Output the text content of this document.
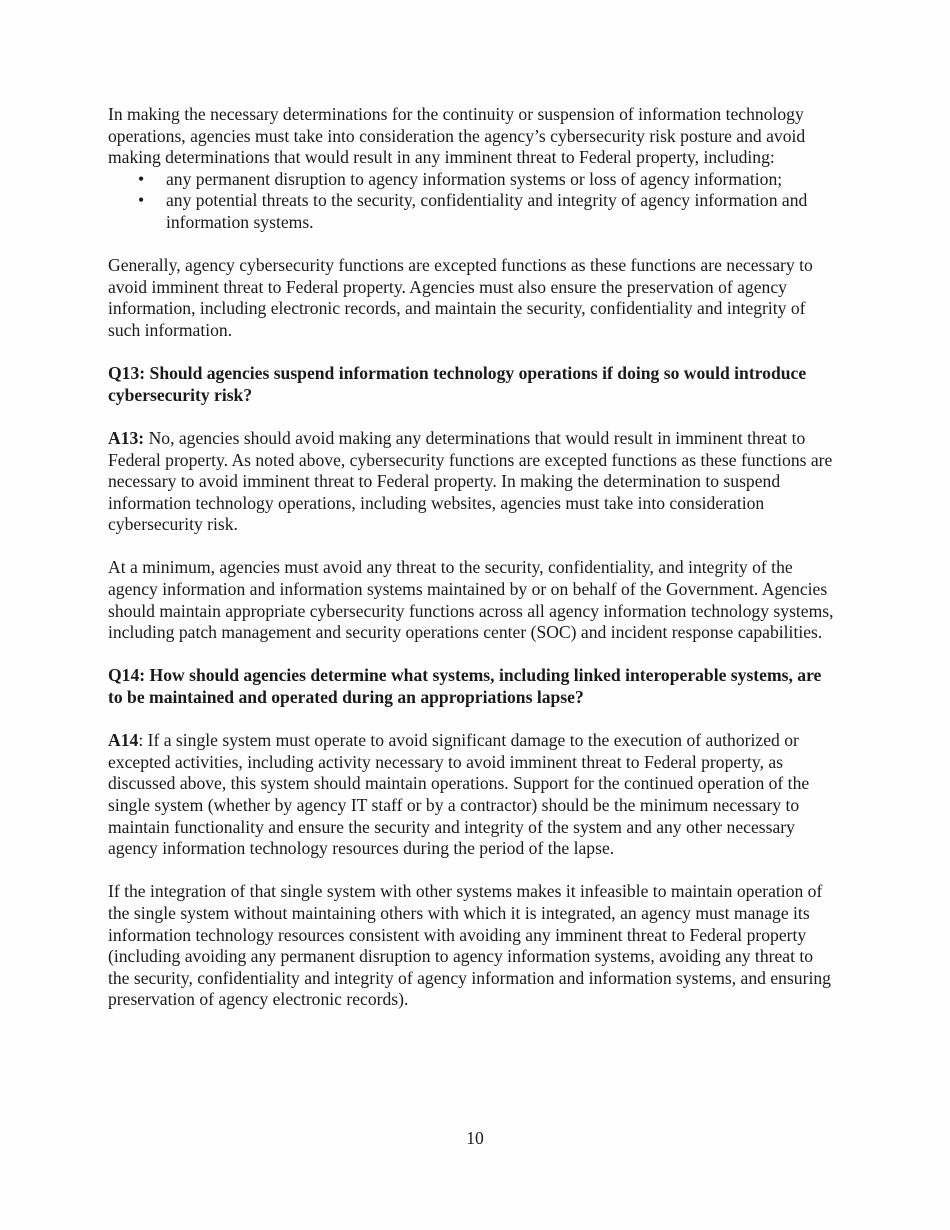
In making the necessary determinations for the continuity or suspension of information technology operations, agencies must take into consideration the agency’s cybersecurity risk posture and avoid making determinations that would result in any imminent threat to Federal property, including:

• any permanent disruption to agency information systems or loss of agency information;
• any potential threats to the security, confidentiality and integrity of agency information and information systems.

Generally, agency cybersecurity functions are excepted functions as these functions are necessary to avoid imminent threat to Federal property. Agencies must also ensure the preservation of agency information, including electronic records, and maintain the security, confidentiality and integrity of such information.

Q13: Should agencies suspend information technology operations if doing so would introduce cybersecurity risk?

A13: No, agencies should avoid making any determinations that would result in imminent threat to Federal property. As noted above, cybersecurity functions are excepted functions as these functions are necessary to avoid imminent threat to Federal property. In making the determination to suspend information technology operations, including websites, agencies must take into consideration cybersecurity risk.

At a minimum, agencies must avoid any threat to the security, confidentiality, and integrity of the agency information and information systems maintained by or on behalf of the Government. Agencies should maintain appropriate cybersecurity functions across all agency information technology systems, including patch management and security operations center (SOC) and incident response capabilities.

Q14: How should agencies determine what systems, including linked interoperable systems, are to be maintained and operated during an appropriations lapse?

A14: If a single system must operate to avoid significant damage to the execution of authorized or excepted activities, including activity necessary to avoid imminent threat to Federal property, as discussed above, this system should maintain operations. Support for the continued operation of the single system (whether by agency IT staff or by a contractor) should be the minimum necessary to maintain functionality and ensure the security and integrity of the system and any other necessary agency information technology resources during the period of the lapse.

If the integration of that single system with other systems makes it infeasible to maintain operation of the single system without maintaining others with which it is integrated, an agency must manage its information technology resources consistent with avoiding any imminent threat to Federal property (including avoiding any permanent disruption to agency information systems, avoiding any threat to the security, confidentiality and integrity of agency information and information systems, and ensuring preservation of agency electronic records).

10
